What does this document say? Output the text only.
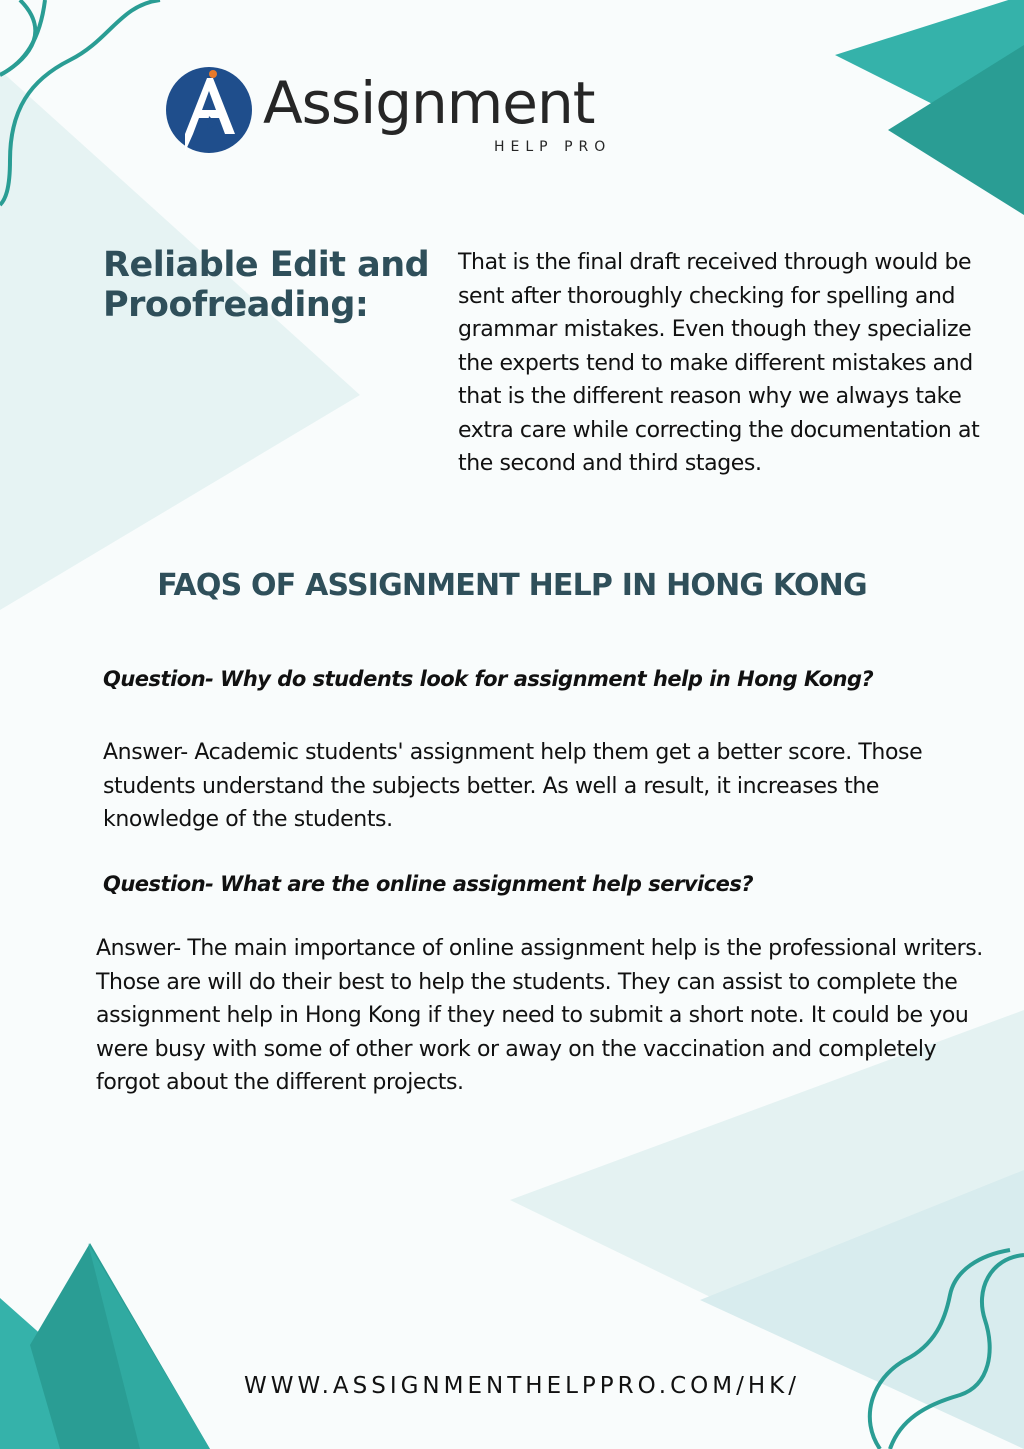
Assignment
HELP PRO
Reliable Edit and Proofreading:
That is the final draft received through would be sent after thoroughly checking for spelling and grammar mistakes. Even though they specialize the experts tend to make different mistakes and that is the different reason why we always take extra care while correcting the documentation at the second and third stages.
FAQS OF ASSIGNMENT HELP IN HONG KONG
Question- Why do students look for assignment help in Hong Kong?
Answer- Academic students' assignment help them get a better score. Those students understand the subjects better. As well a result, it increases the knowledge of the students.
Question- What are the online assignment help services?
Answer- The main importance of online assignment help is the professional writers. Those are will do their best to help the students. They can assist to complete the assignment help in Hong Kong if they need to submit a short note. It could be you were busy with some of other work or away on the vaccination and completely forgot about the different projects.
WWW.ASSIGNMENTHELPPRO.COM/HK/
